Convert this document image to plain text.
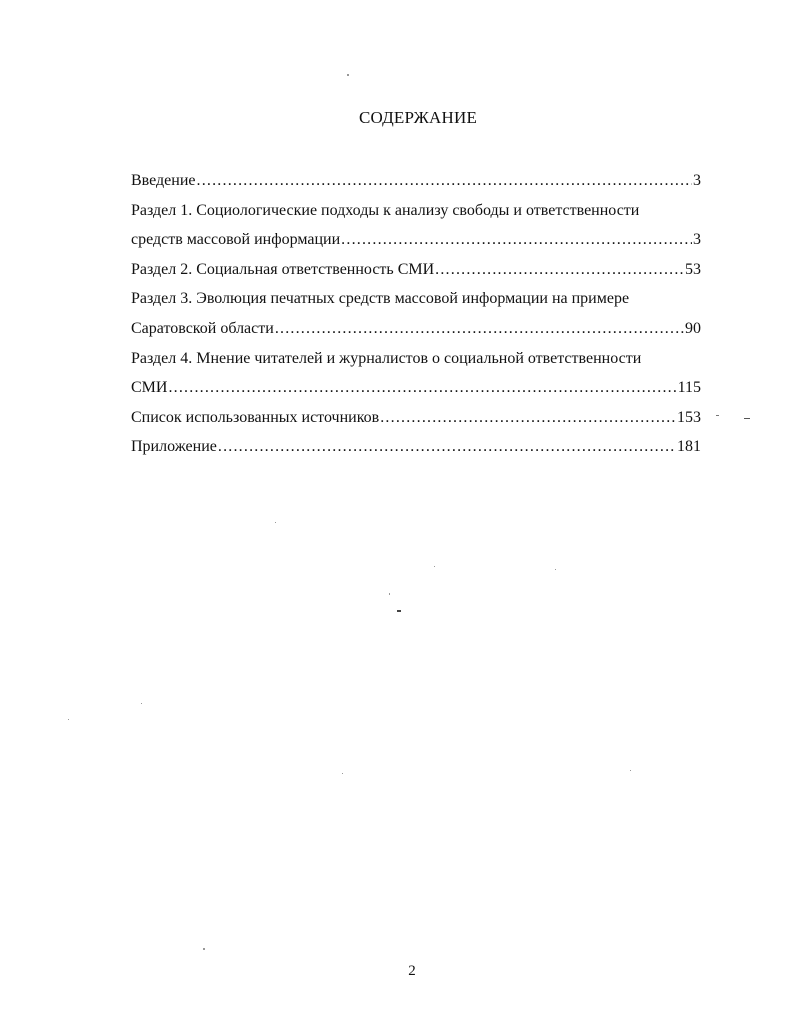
СОДЕРЖАНИЕ
Введение .....	3
Раздел 1. Социологические подходы к анализу свободы и ответственности
средств массовой информации .....	3
Раздел 2. Социальная ответственность СМИ .....	53
Раздел 3. Эволюция печатных средств массовой информации на примере
Саратовской области .....	90
Раздел 4. Мнение читателей и журналистов о социальной ответственности
СМИ .....	115
Список использованных источников .....	153
Приложение .....	181
2
